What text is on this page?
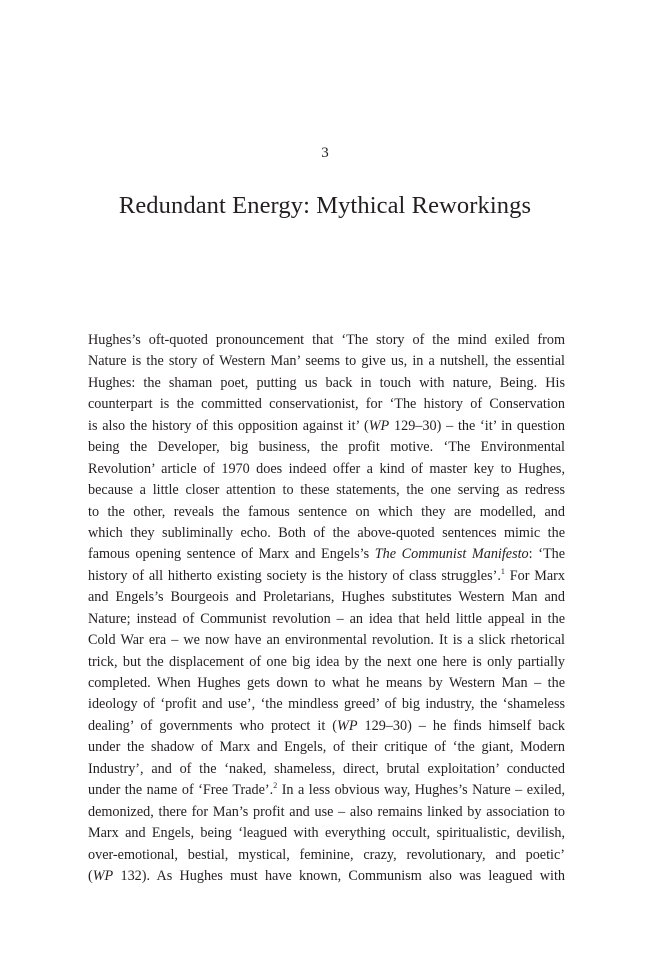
3
Redundant Energy: Mythical Reworkings
Hughes’s oft-quoted pronouncement that ‘The story of the mind exiled from
Nature is the story of Western Man’ seems to give us, in a nutshell, the essential
Hughes: the shaman poet, putting us back in touch with nature, Being. His
counterpart is the committed conservationist, for ‘The history of Conservation
is also the history of this opposition against it’ (WP 129–30) – the ‘it’ in question
being the Developer, big business, the profit motive. ‘The Environmental
Revolution’ article of 1970 does indeed offer a kind of master key to Hughes,
because a little closer attention to these statements, the one serving as redress
to the other, reveals the famous sentence on which they are modelled, and
which they subliminally echo. Both of the above-quoted sentences mimic the
famous opening sentence of Marx and Engels’s The Communist Manifesto: ‘The
history of all hitherto existing society is the history of class struggles’.$^1$ For Marx
and Engels’s Bourgeois and Proletarians, Hughes substitutes Western Man and
Nature; instead of Communist revolution – an idea that held little appeal in the
Cold War era – we now have an environmental revolution. It is a slick rhetorical
trick, but the displacement of one big idea by the next one here is only partially
completed. When Hughes gets down to what he means by Western Man – the
ideology of ‘profit and use’, ‘the mindless greed’ of big industry, the ‘shameless
dealing’ of governments who protect it (WP 129–30) – he finds himself back
under the shadow of Marx and Engels, of their critique of ‘the giant, Modern
Industry’, and of the ‘naked, shameless, direct, brutal exploitation’ conducted
under the name of ‘Free Trade’.$^2$ In a less obvious way, Hughes’s Nature – exiled,
demonized, there for Man’s profit and use – also remains linked by association to
Marx and Engels, being ‘leagued with everything occult, spiritualistic, devilish,
over-emotional, bestial, mystical, feminine, crazy, revolutionary, and poetic’
(WP 132). As Hughes must have known, Communism also was leagued with
